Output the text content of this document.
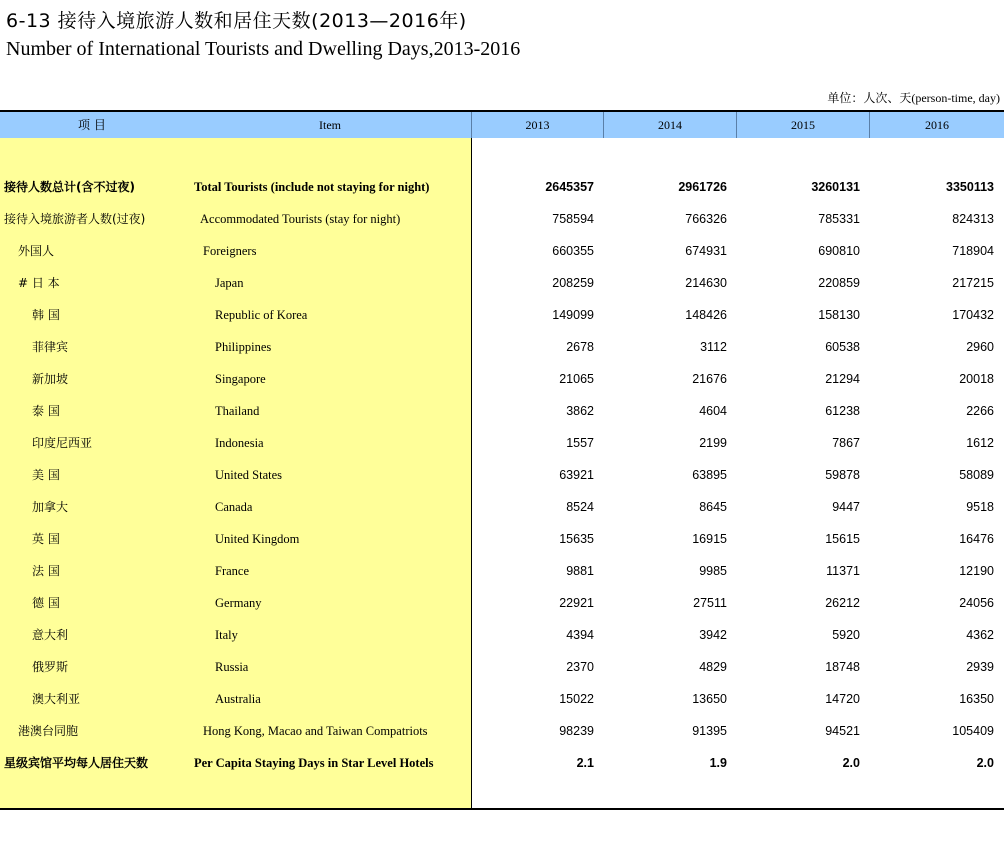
6-13 接待入境旅游人数和居住天数(2013—2016年)
Number of International Tourists and Dwelling Days,2013-2016
单位：人次、天(person-time, day)
项 目	Item	2013	2014	2015	2016
接待人数总计(含不过夜)	Total Tourists (include not staying for night)	2645357	2961726	3260131	3350113
接待入境旅游者人数(过夜)	Accommodated Tourists (stay for night)	758594	766326	785331	824313
外国人	Foreigners	660355	674931	690810	718904
# 日 本	Japan	208259	214630	220859	217215
韩 国	Republic of Korea	149099	148426	158130	170432
菲律宾	Philippines	2678	3112	60538	2960
新加坡	Singapore	21065	21676	21294	20018
泰 国	Thailand	3862	4604	61238	2266
印度尼西亚	Indonesia	1557	2199	7867	1612
美 国	United States	63921	63895	59878	58089
加拿大	Canada	8524	8645	9447	9518
英 国	United Kingdom	15635	16915	15615	16476
法 国	France	9881	9985	11371	12190
德 国	Germany	22921	27511	26212	24056
意大利	Italy	4394	3942	5920	4362
俄罗斯	Russia	2370	4829	18748	2939
澳大利亚	Australia	15022	13650	14720	16350
港澳台同胞	Hong Kong, Macao and Taiwan Compatriots	98239	91395	94521	105409
星级宾馆平均每人居住天数	Per Capita Staying Days in Star Level Hotels	2.1	1.9	2.0	2.0
